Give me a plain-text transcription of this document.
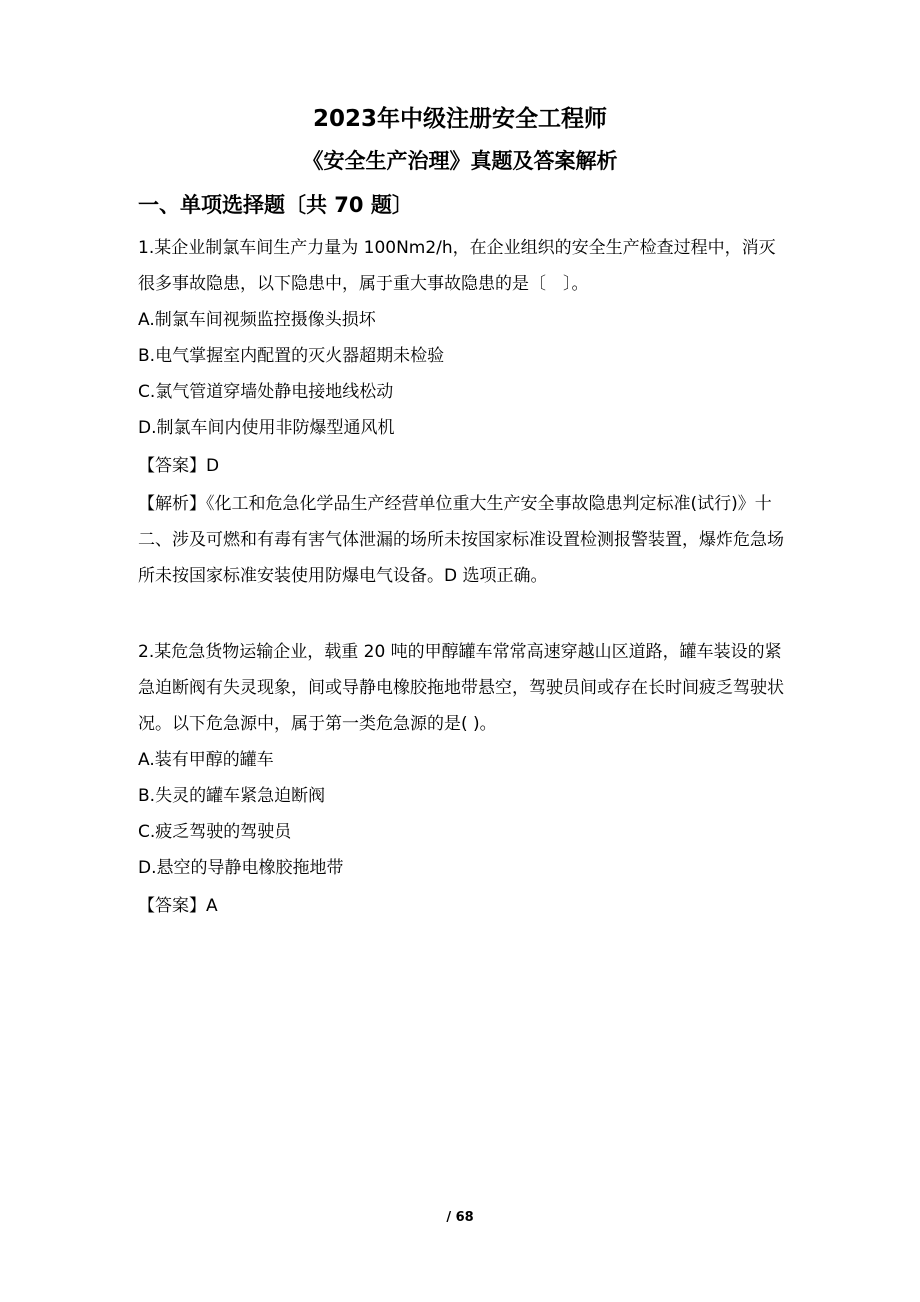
2023年中级注册安全工程师
《安全生产治理》真题及答案解析
一、单项选择题〔共 70 题〕

1.某企业制氯车间生产力量为 100Nm2/h，在企业组织的安全生产检查过程中，消灭很多事故隐患，以下隐患中，属于重大事故隐患的是〔　〕。

A.制氯车间视频监控摄像头损坏

B.电气掌握室内配置的灭火器超期未检验

C.氯气管道穿墙处静电接地线松动

D.制氯车间内使用非防爆型通风机

【答案】D

【解析】《化工和危急化学品生产经营单位重大生产安全事故隐患判定标准(试行)》十二、涉及可燃和有毒有害气体泄漏的场所未按国家标准设置检测报警装置，爆炸危急场所未按国家标准安装使用防爆电气设备。D 选项正确。

2.某危急货物运输企业，载重 20 吨的甲醇罐车常常高速穿越山区道路，罐车装设的紧急迫断阀有失灵现象，间或导静电橡胶拖地带悬空，驾驶员间或存在长时间疲乏驾驶状况。以下危急源中，属于第一类危急源的是( )。

A.装有甲醇的罐车

B.失灵的罐车紧急迫断阀

C.疲乏驾驶的驾驶员

D.悬空的导静电橡胶拖地带

【答案】A

/ 68
